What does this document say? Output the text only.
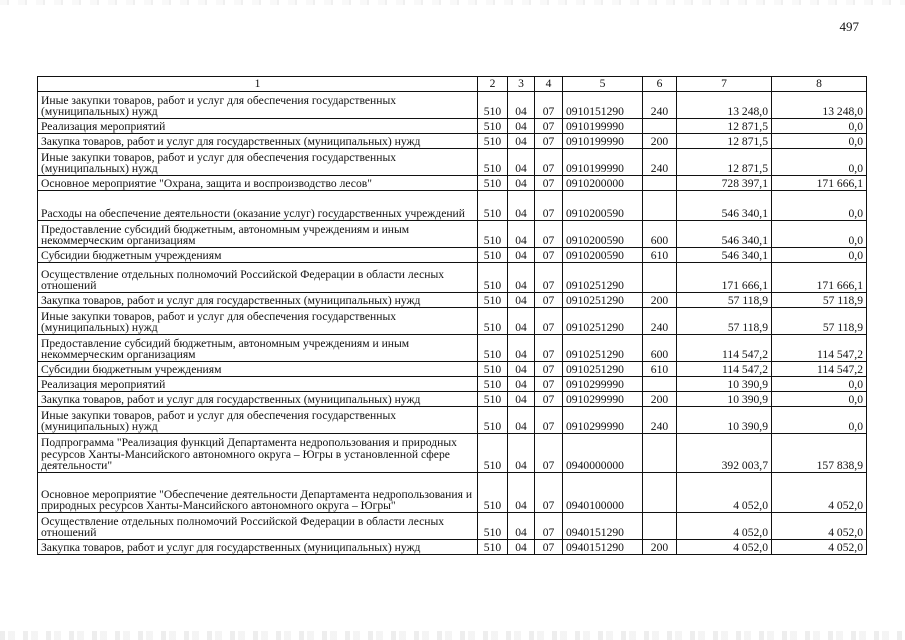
497
1	2	3	4	5	6	7	8
Иные закупки товаров, работ и услуг для обеспечения государственных (муниципальных) нужд	510	04	07	0910151290	240	13 248,0	13 248,0
Реализация мероприятий	510	04	07	0910199990		12 871,5	0,0
Закупка товаров, работ и услуг для государственных (муниципальных) нужд	510	04	07	0910199990	200	12 871,5	0,0
Иные закупки товаров, работ и услуг для обеспечения государственных (муниципальных) нужд	510	04	07	0910199990	240	12 871,5	0,0
Основное мероприятие "Охрана, защита и воспроизводство лесов"	510	04	07	0910200000		728 397,1	171 666,1
Расходы на обеспечение деятельности (оказание услуг) государственных учреждений	510	04	07	0910200590		546 340,1	0,0
Предоставление субсидий бюджетным, автономным учреждениям и иным некоммерческим организациям	510	04	07	0910200590	600	546 340,1	0,0
Субсидии бюджетным учреждениям	510	04	07	0910200590	610	546 340,1	0,0
Осуществление отдельных полномочий Российской Федерации в области лесных отношений	510	04	07	0910251290		171 666,1	171 666,1
Закупка товаров, работ и услуг для государственных (муниципальных) нужд	510	04	07	0910251290	200	57 118,9	57 118,9
Иные закупки товаров, работ и услуг для обеспечения государственных (муниципальных) нужд	510	04	07	0910251290	240	57 118,9	57 118,9
Предоставление субсидий бюджетным, автономным учреждениям и иным некоммерческим организациям	510	04	07	0910251290	600	114 547,2	114 547,2
Субсидии бюджетным учреждениям	510	04	07	0910251290	610	114 547,2	114 547,2
Реализация мероприятий	510	04	07	0910299990		10 390,9	0,0
Закупка товаров, работ и услуг для государственных (муниципальных) нужд	510	04	07	0910299990	200	10 390,9	0,0
Иные закупки товаров, работ и услуг для обеспечения государственных (муниципальных) нужд	510	04	07	0910299990	240	10 390,9	0,0
Подпрограмма "Реализация функций Департамента недропользования и природных ресурсов Ханты-Мансийского автономного округа – Югры в установленной сфере деятельности"	510	04	07	0940000000		392 003,7	157 838,9
Основное мероприятие "Обеспечение деятельности Департамента недропользования и природных ресурсов Ханты-Мансийского автономного округа – Югры"	510	04	07	0940100000		4 052,0	4 052,0
Осуществление отдельных полномочий Российской Федерации в области лесных отношений	510	04	07	0940151290		4 052,0	4 052,0
Закупка товаров, работ и услуг для государственных (муниципальных) нужд	510	04	07	0940151290	200	4 052,0	4 052,0
